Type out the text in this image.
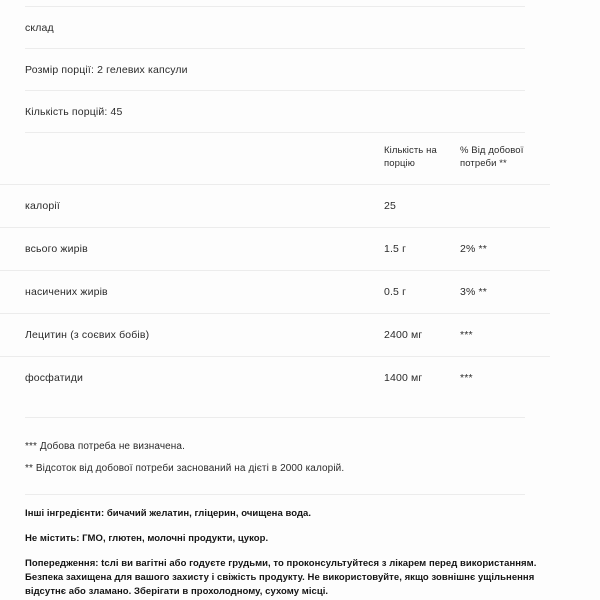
склад
Розмір порції: 2 гелевих капсули
Кількість порцій: 45
	Кількість на порцію	% Від добової потреби **	
калорії	25		
всього жирів	1.5 г	2% **	
насичених жирів	0.5 г	3% **	
Лецитин (з соєвих бобів)	2400 мг	***	
фосфатиди	1400 мг	***	
*** Добова потреба не визначена.
** Відсоток від добової потреби заснований на дієті в 2000 калорій.
Інші інгредієнти: бичачий желатин, гліцерин, очищена вода.
Не містить: ГМО, глютен, молочні продукти, цукор.
Попередження: tcлі ви вагітні або годуєте грудьми, то проконсультуйтеся з лікарем перед використанням. Безпека захищена для вашого захисту і свіжість продукту. Не використовуйте, якщо зовнішнє ущільнення відсутнє або зламано. Зберігати в прохолодному, сухому місці.
